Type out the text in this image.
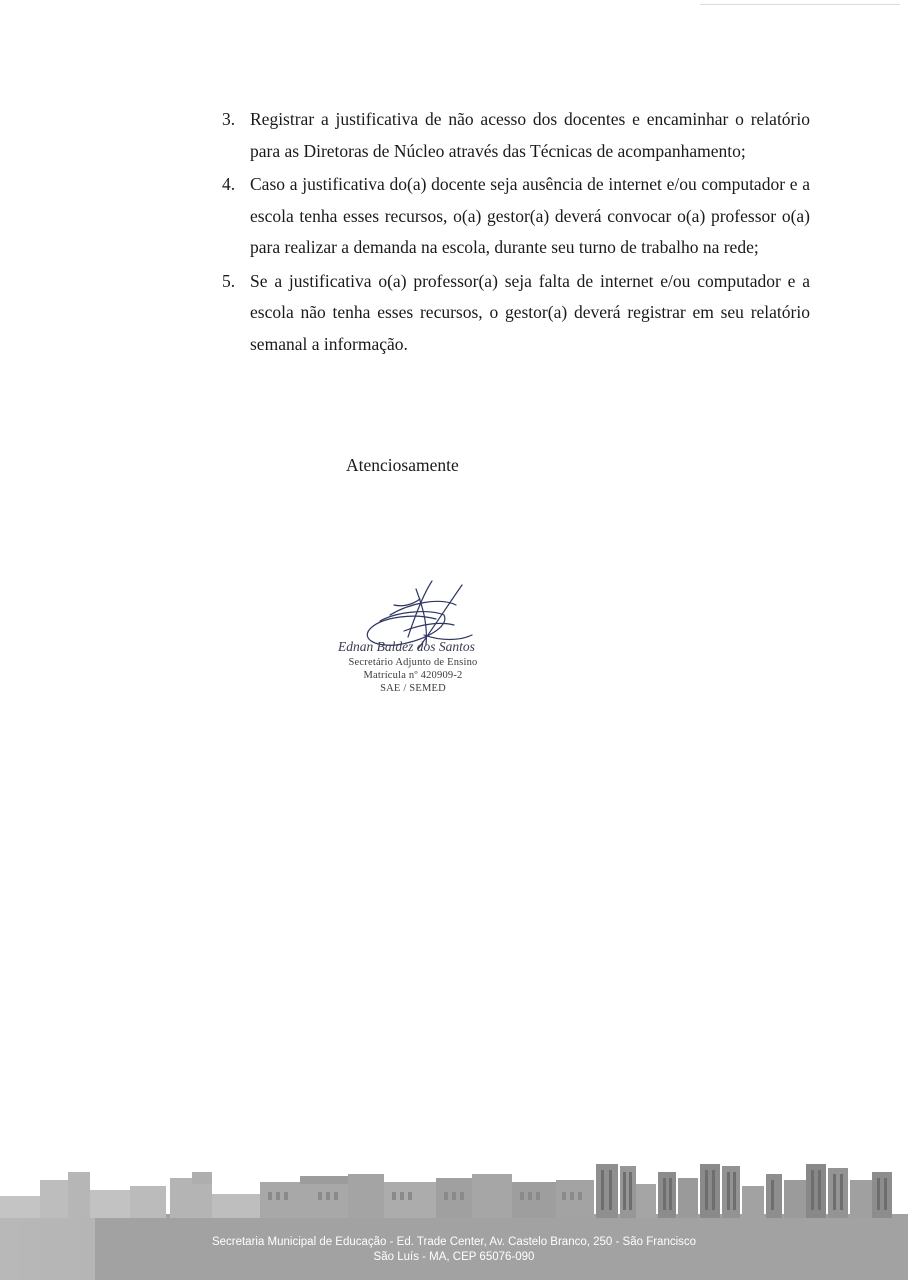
3. Registrar a justificativa de não acesso dos docentes e encaminhar o relatório para as Diretoras de Núcleo através das Técnicas de acompanhamento;
4. Caso a justificativa do(a) docente seja ausência de internet e/ou computador e a escola tenha esses recursos, o(a) gestor(a) deverá convocar o(a) professor o(a) para realizar a demanda na escola, durante seu turno de trabalho na rede;
5. Se a justificativa o(a) professor(a) seja falta de internet e/ou computador e a escola não tenha esses recursos, o gestor(a) deverá registrar em seu relatório semanal a informação.
Atenciosamente
Ednan Baldez dos Santos
Secretário Adjunto de Ensino
Matrícula nº 420909-2
SAE / SEMED
Secretaria Municipal de Educação - Ed. Trade Center, Av. Castelo Branco, 250 - São Francisco
São Luís - MA, CEP 65076-090
